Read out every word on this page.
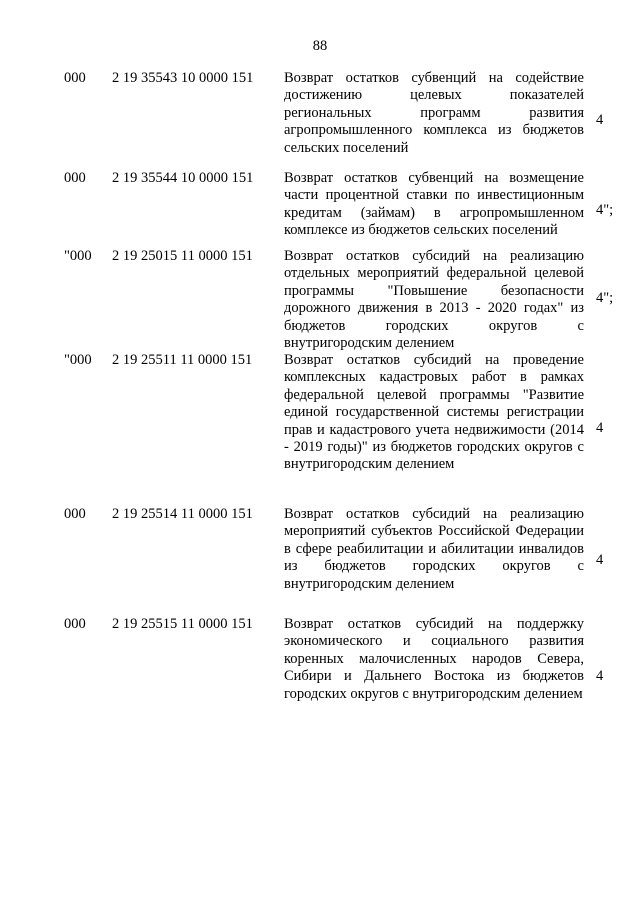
88
000 2 19 35543 10 0000 151 Возврат остатков субвенций на содействие достижению целевых показателей региональных программ развития агропромышленного комплекса из бюджетов сельских поселений
4
000 2 19 35544 10 0000 151 Возврат остатков субвенций на возмещение части процентной ставки по инвестиционным кредитам (займам) в агропромышленном комплексе из бюджетов сельских поселений
4";
"000 2 19 25015 11 0000 151 Возврат остатков субсидий на реализацию отдельных мероприятий федеральной целевой программы "Повышение безопасности дорожного движения в 2013 - 2020 годах" из бюджетов городских округов с внутригородским делением
4";
"000 2 19 25511 11 0000 151 Возврат остатков субсидий на проведение комплексных кадастровых работ в рамках федеральной целевой программы "Развитие единой государственной системы регистрации прав и кадастрового учета недвижимости (2014 - 2019 годы)" из бюджетов городских округов с внутригородским делением
4
000 2 19 25514 11 0000 151 Возврат остатков субсидий на реализацию мероприятий субъектов Российской Федерации в сфере реабилитации и абилитации инвалидов из бюджетов городских округов с внутригородским делением
4
000 2 19 25515 11 0000 151 Возврат остатков субсидий на поддержку экономического и социального развития коренных малочисленных народов Севера, Сибири и Дальнего Востока из бюджетов городских округов с внутригородским делением
4
